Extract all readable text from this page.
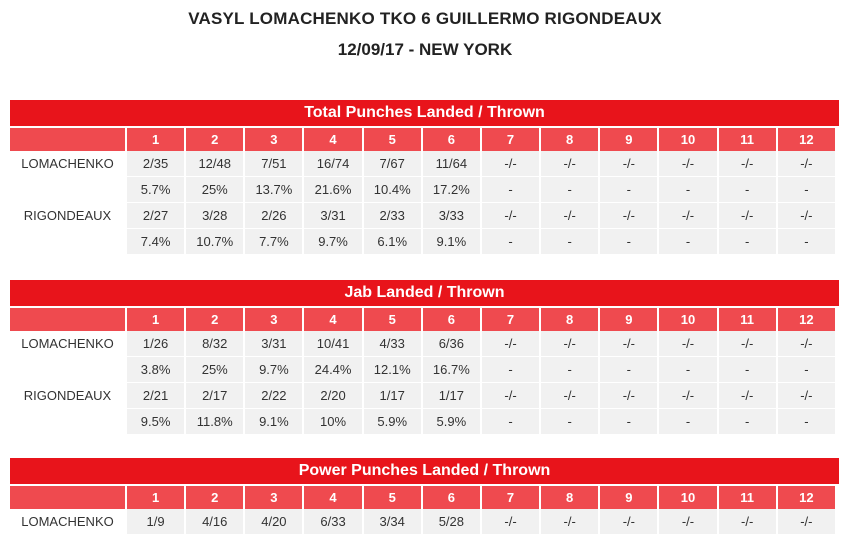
VASYL LOMACHENKO TKO 6 GUILLERMO RIGONDEAUX
12/09/17 - NEW YORK
Total Punches Landed / Thrown
	1	2	3	4	5	6	7	8	9	10	11	12
LOMACHENKO	2/35	12/48	7/51	16/74	7/67	11/64	-/-	-/-	-/-	-/-	-/-	-/-
	5.7%	25%	13.7%	21.6%	10.4%	17.2%	-	-	-	-	-	-
RIGONDEAUX	2/27	3/28	2/26	3/31	2/33	3/33	-/-	-/-	-/-	-/-	-/-	-/-
	7.4%	10.7%	7.7%	9.7%	6.1%	9.1%	-	-	-	-	-	-
Jab Landed / Thrown
	1	2	3	4	5	6	7	8	9	10	11	12
LOMACHENKO	1/26	8/32	3/31	10/41	4/33	6/36	-/-	-/-	-/-	-/-	-/-	-/-
	3.8%	25%	9.7%	24.4%	12.1%	16.7%	-	-	-	-	-	-
RIGONDEAUX	2/21	2/17	2/22	2/20	1/17	1/17	-/-	-/-	-/-	-/-	-/-	-/-
	9.5%	11.8%	9.1%	10%	5.9%	5.9%	-	-	-	-	-	-
Power Punches Landed / Thrown
	1	2	3	4	5	6	7	8	9	10	11	12
LOMACHENKO	1/9	4/16	4/20	6/33	3/34	5/28	-/-	-/-	-/-	-/-	-/-	-/-
